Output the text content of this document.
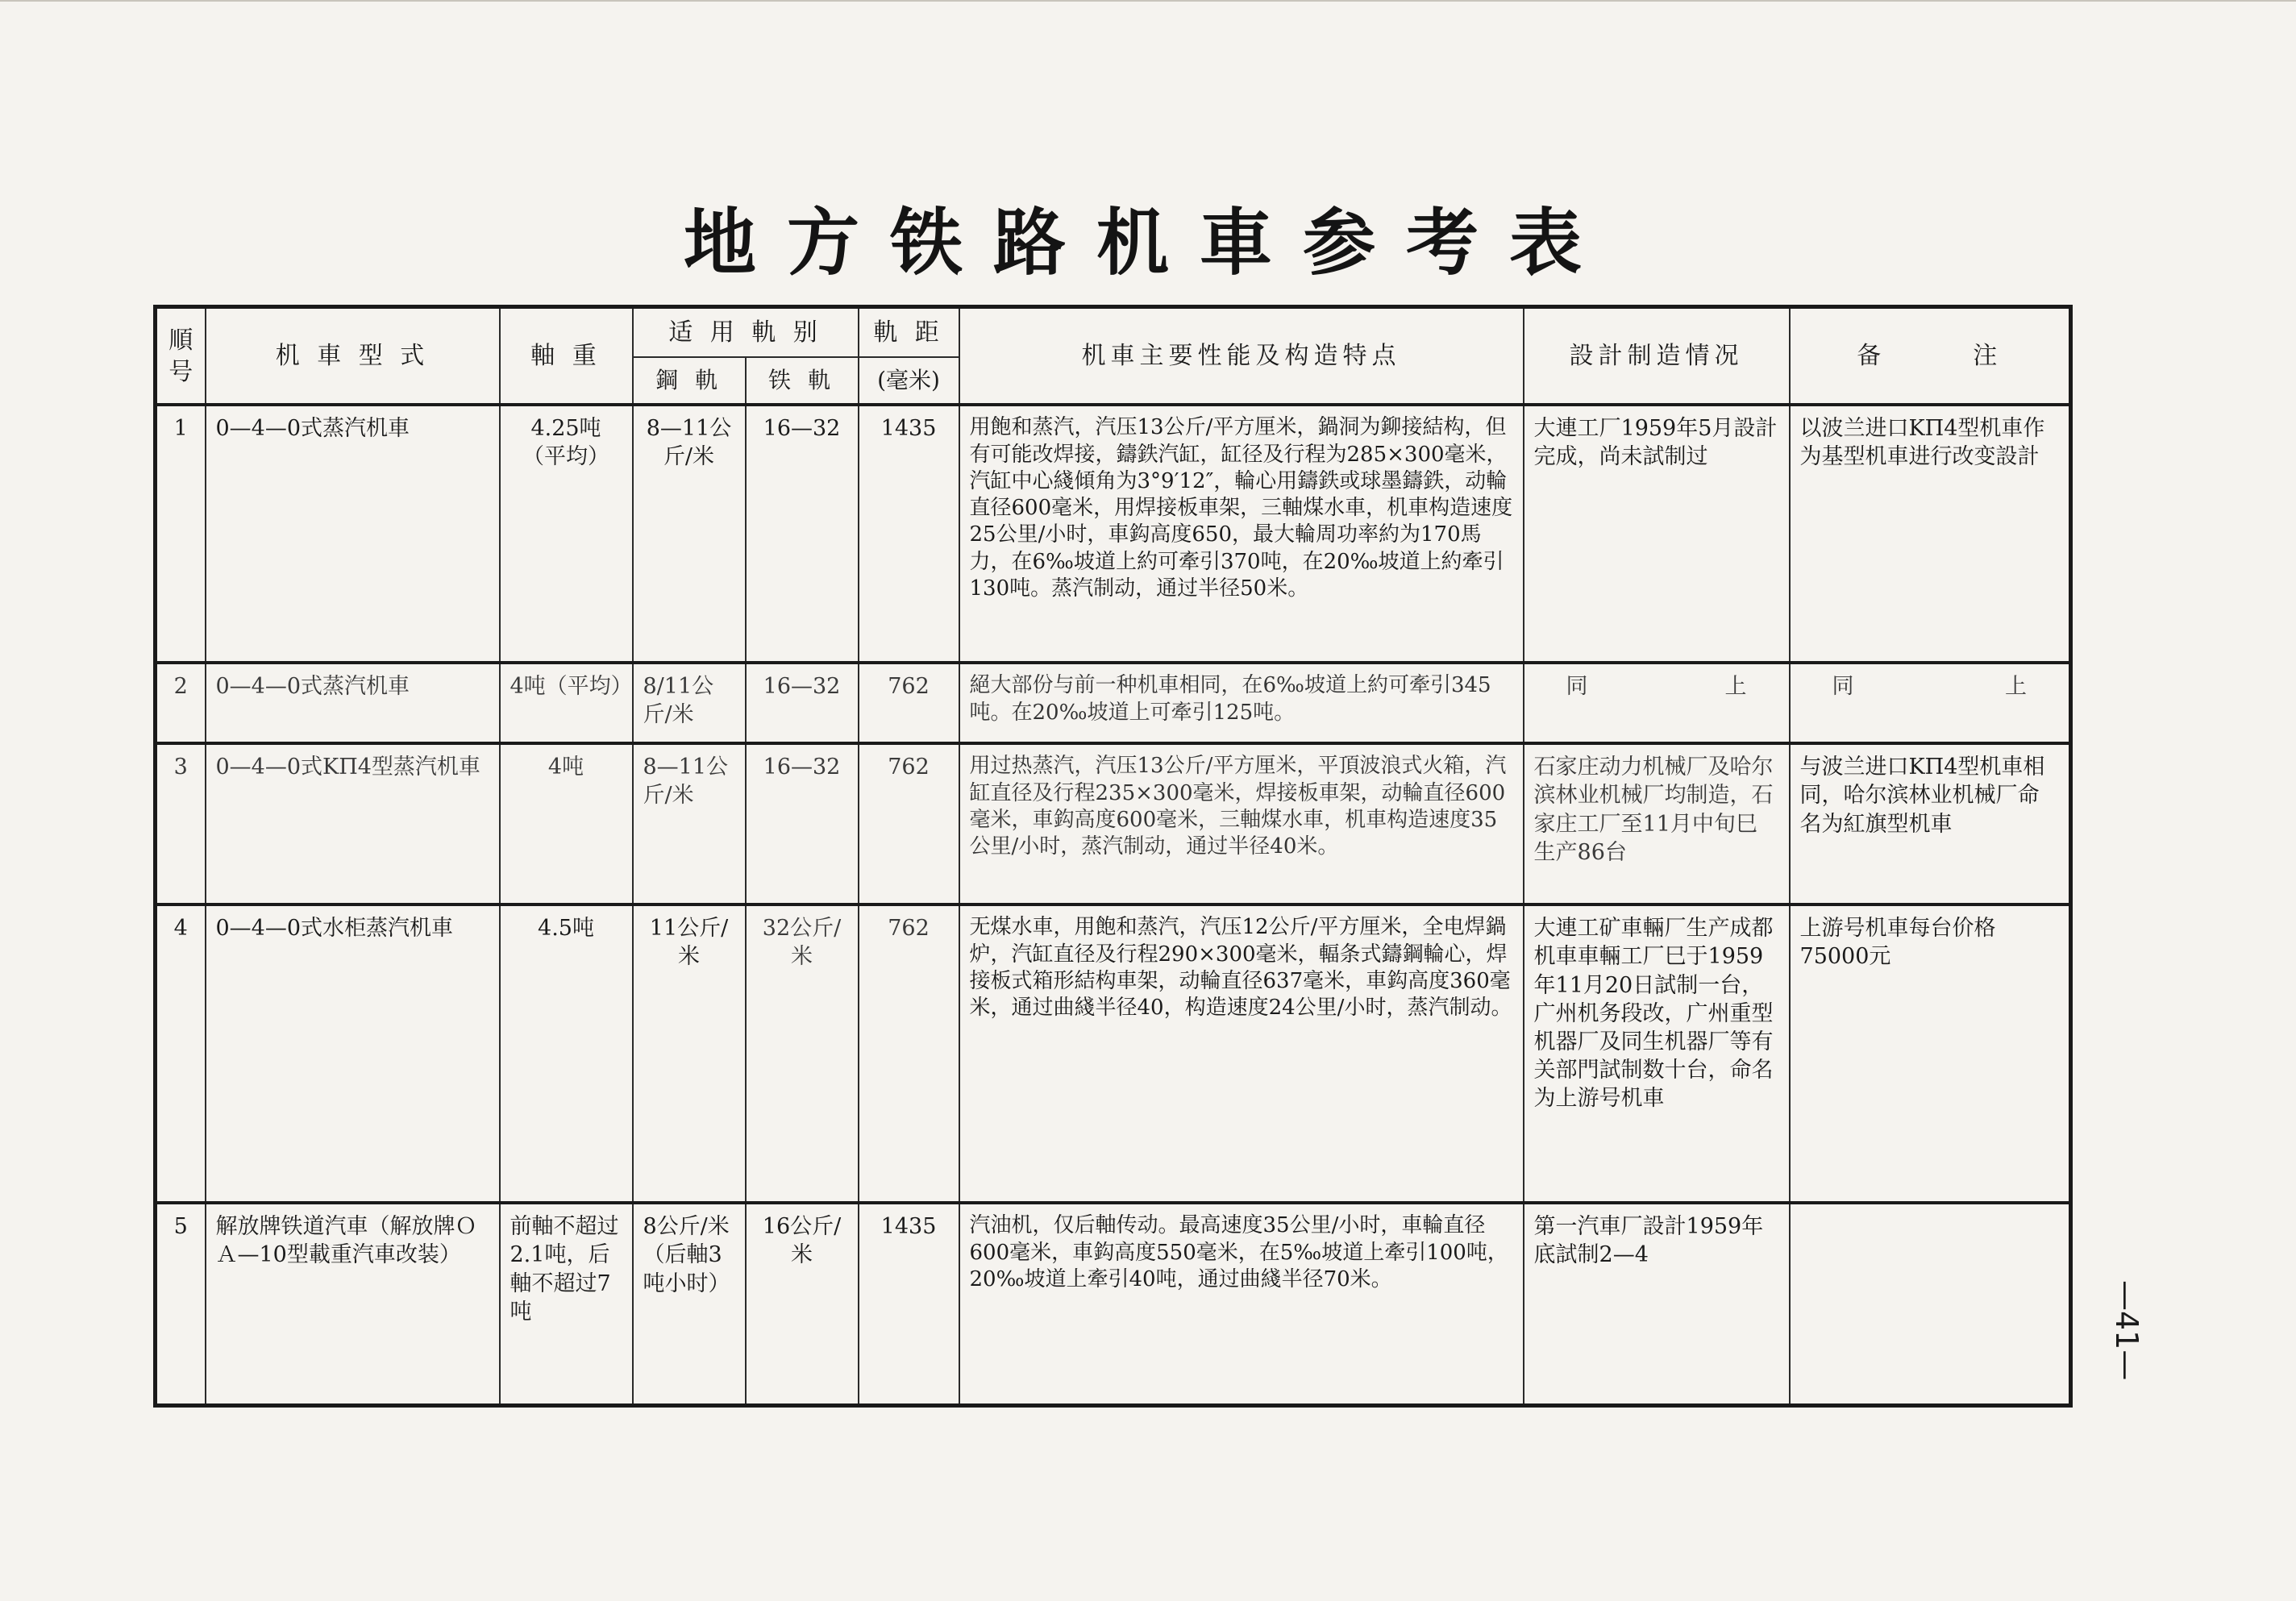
地方铁路机車参考表
順号	机 車 型 式	軸 重	适 用 軌 别		軌 距	机車主要性能及构造特点	設計制造情况	备　　　注
			鋼 軌	铁 軌	(毫米)			
1	0—4—0式蒸汽机車	4.25吨（平均）	8—11公斤/米	16—32	1435	用飽和蒸汽，汽压13公斤/平方厘米，鍋洞为鉚接結构，但有可能改焊接，鑄鉄汽缸，缸径及行程为285×300毫米，汽缸中心綫傾角为3°9′12″，輪心用鑄鉄或球墨鑄鉄，动輪直径600毫米，用焊接板車架，三軸煤水車，机車构造速度25公里/小时，車鈎高度650，最大輪周功率約为170馬力，在6‰坡道上約可牽引370吨，在20‰坡道上約牽引130吨。蒸汽制动，通过半径50米。	大連工厂1959年5月設計完成，尚未試制过	以波兰进口KП4型机車作为基型机車进行改变設計
2	0—4—0式蒸汽机車	4吨（平均）	8/11公斤/米	16—32	762	絕大部份与前一种机車相同，在6‰坡道上約可牽引345吨。在20‰坡道上可牽引125吨。	同 上	同 上

3	0—4—0式KП4型蒸汽机車	4吨	8—11公斤/米	16—32	762	用过热蒸汽，汽压13公斤/平方厘米，平頂波浪式火箱，汽缸直径及行程235×300毫米，焊接板車架，动輪直径600毫米，車鈎高度600毫米，三軸煤水車，机車构造速度35公里/小时，蒸汽制动，通过半径40米。	石家庄动力机械厂及哈尔滨林业机械厂均制造，石家庄工厂至11月中旬巳生产86台	与波兰进口KП4型机車相同，哈尔滨林业机械厂命名为紅旗型机車
4	0—4—0式水柜蒸汽机車	4.5吨	11公斤/米	32公斤/米	762	无煤水車，用飽和蒸汽，汽压12公斤/平方厘米，全电焊鍋炉，汽缸直径及行程290×300毫米，輻条式鑄鋼輪心，焊接板式箱形結构車架，动輪直径637毫米，車鈎高度360毫米，通过曲綫半径40，构造速度24公里/小时，蒸汽制动。	大連工矿車輛厂生产成都机車車輛工厂巳于1959年11月20日試制一台，广州机务段改，广州重型机器厂及同生机器厂等有关部門試制数十台，命名为上游号机車	上游号机車每台价格75000元
5	解放牌铁道汽車（解放牌ＯＡ—10型載重汽車改装）	前軸不超过2.1吨，后軸不超过7吨	8公斤/米（后軸3吨小时）	16公斤/米	1435	汽油机，仅后軸传动。最高速度35公里/小时，車輪直径600毫米，車鈎高度550毫米，在5‰坡道上牽引100吨，20‰坡道上牽引40吨，通过曲綫半径70米。	第一汽車厂設計1959年底試制2—4	
—41—
